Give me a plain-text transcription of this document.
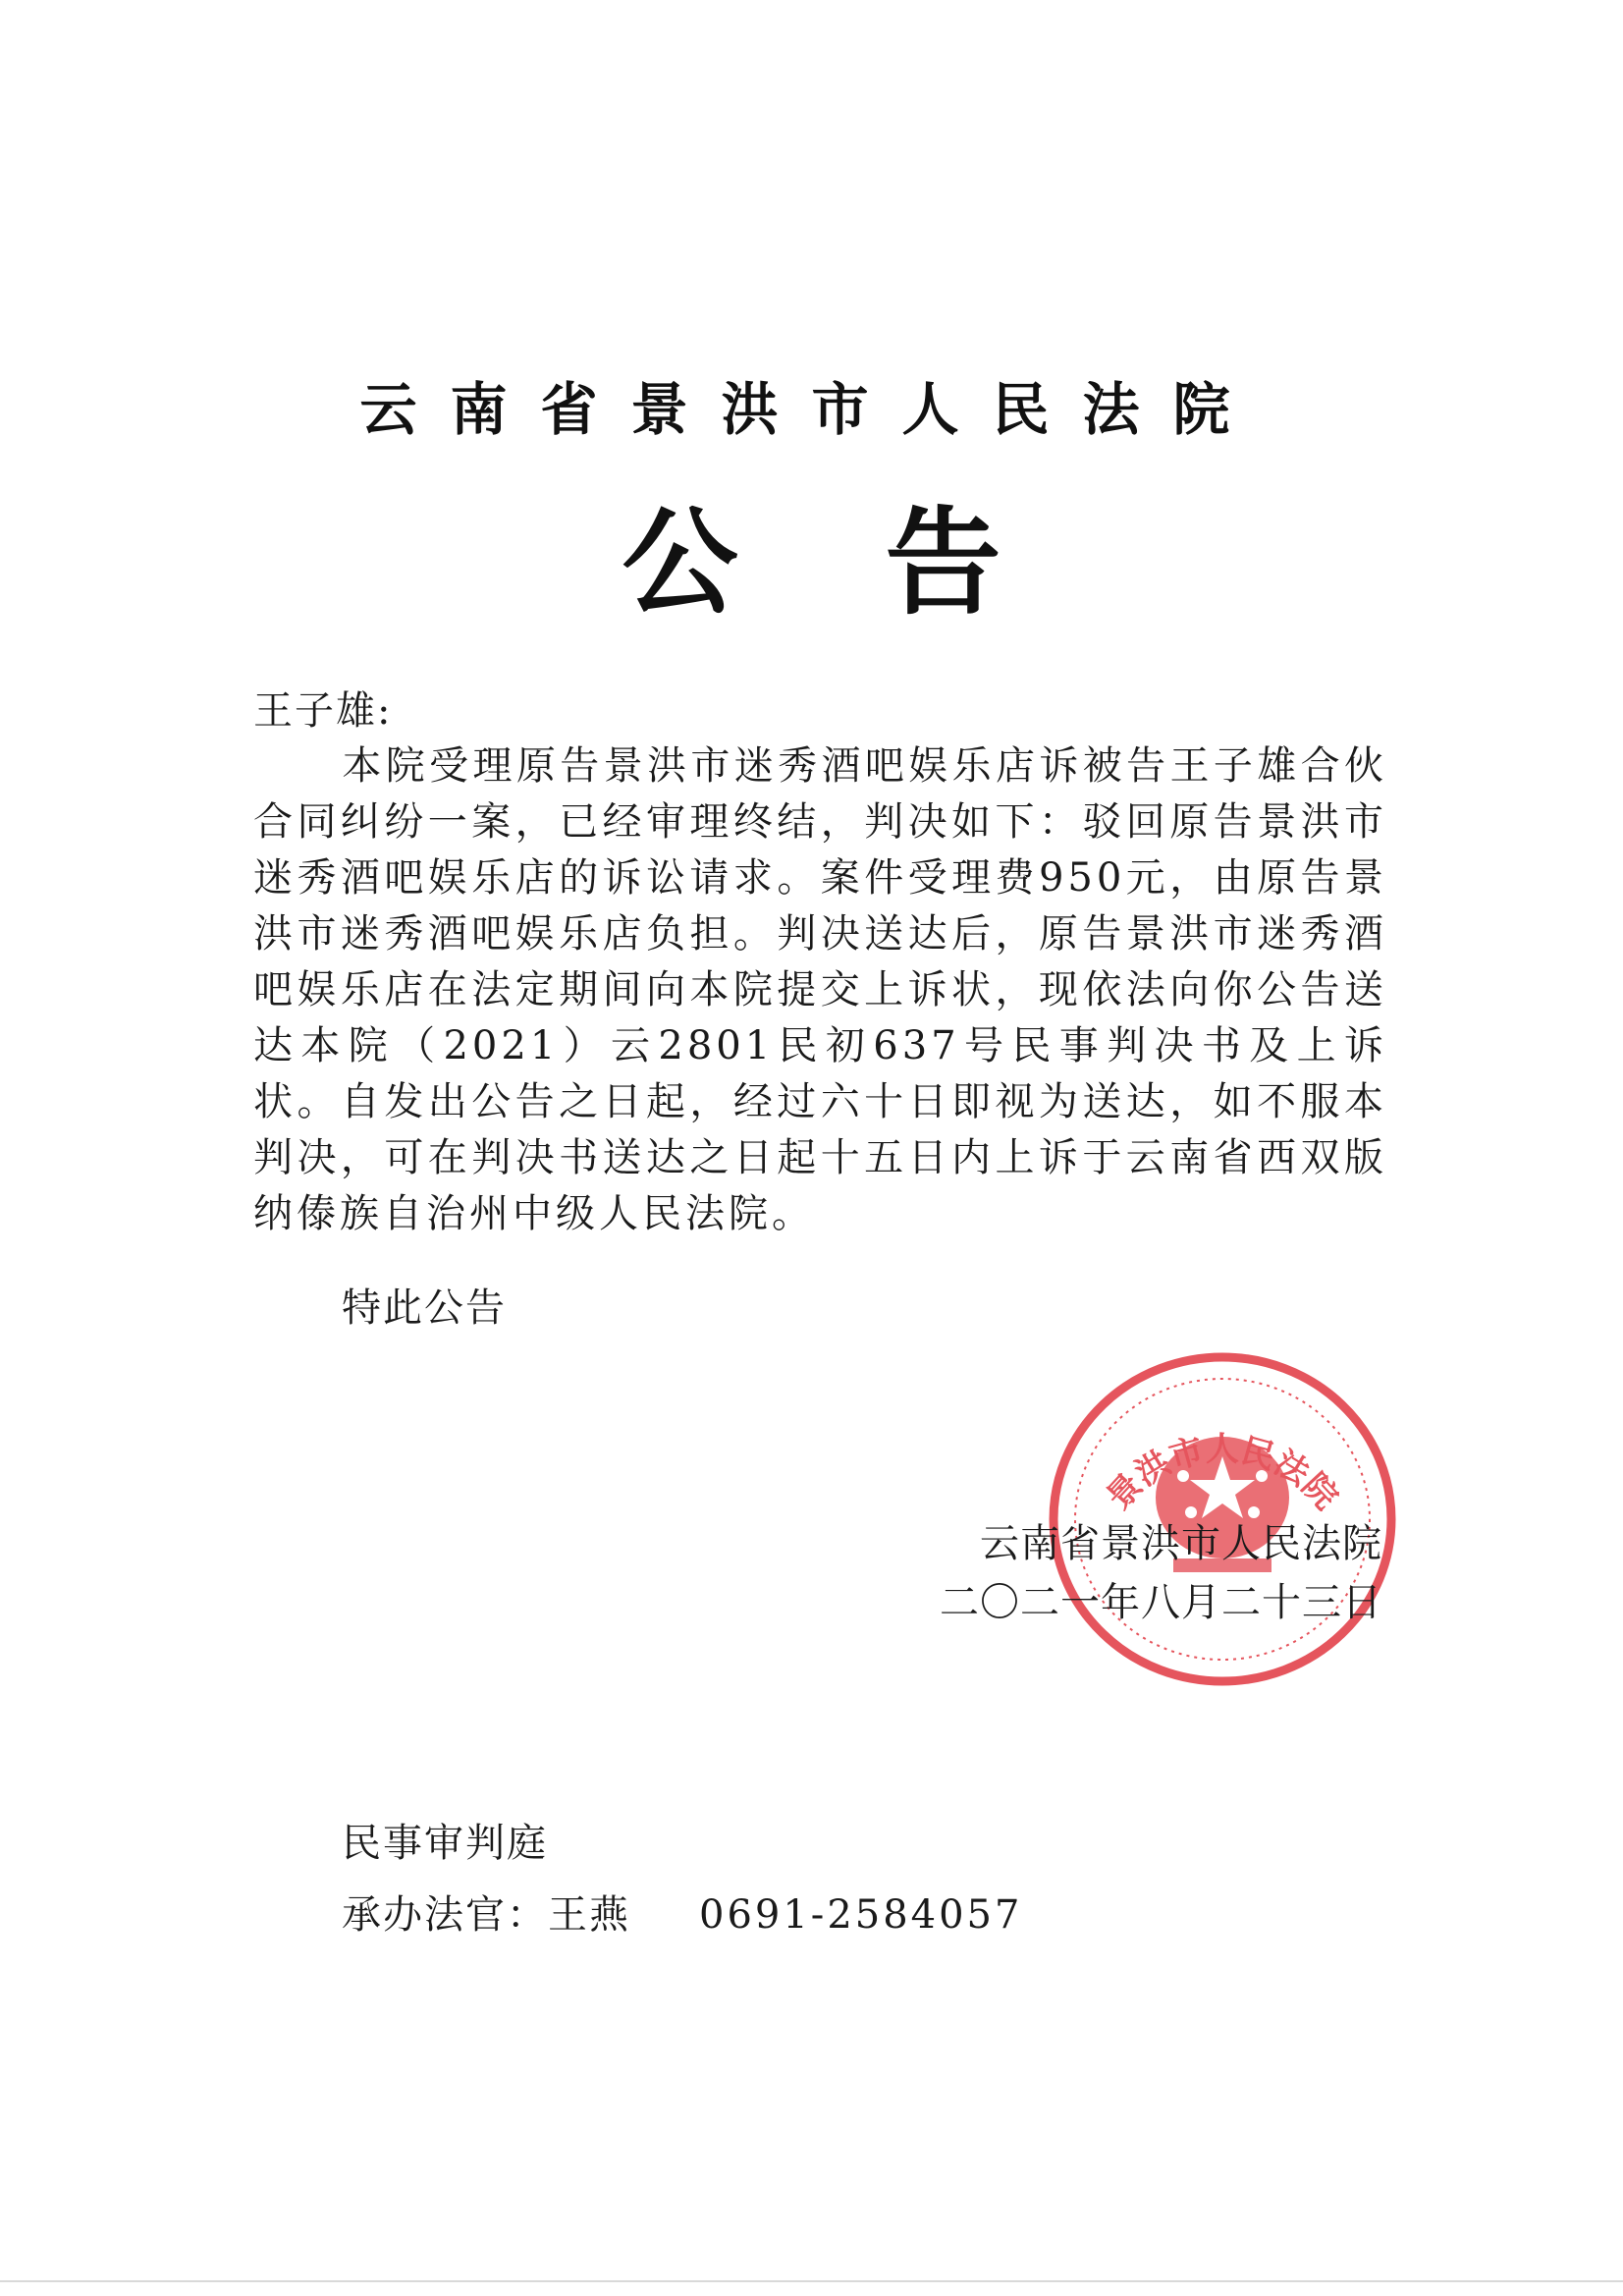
云南省景洪市人民法院
公告
王子雄:

本院受理原告景洪市迷秀酒吧娱乐店诉被告王子雄合伙合同纠纷一案，已经审理终结，判决如下：驳回原告景洪市迷秀酒吧娱乐店的诉讼请求。案件受理费950元，由原告景洪市迷秀酒吧娱乐店负担。判决送达后，原告景洪市迷秀酒吧娱乐店在法定期间向本院提交上诉状，现依法向你公告送达本院（2021）云2801民初637号民事判决书及上诉状。自发出公告之日起，经过六十日即视为送达，如不服本判决，可在判决书送达之日起十五日内上诉于云南省西双版纳傣族自治州中级人民法院。

特此公告
景洪市人民法院
云南省景洪市人民法院
二〇二一年八月二十三日
民事审判庭
承办法官：王燕 0691-2584057
